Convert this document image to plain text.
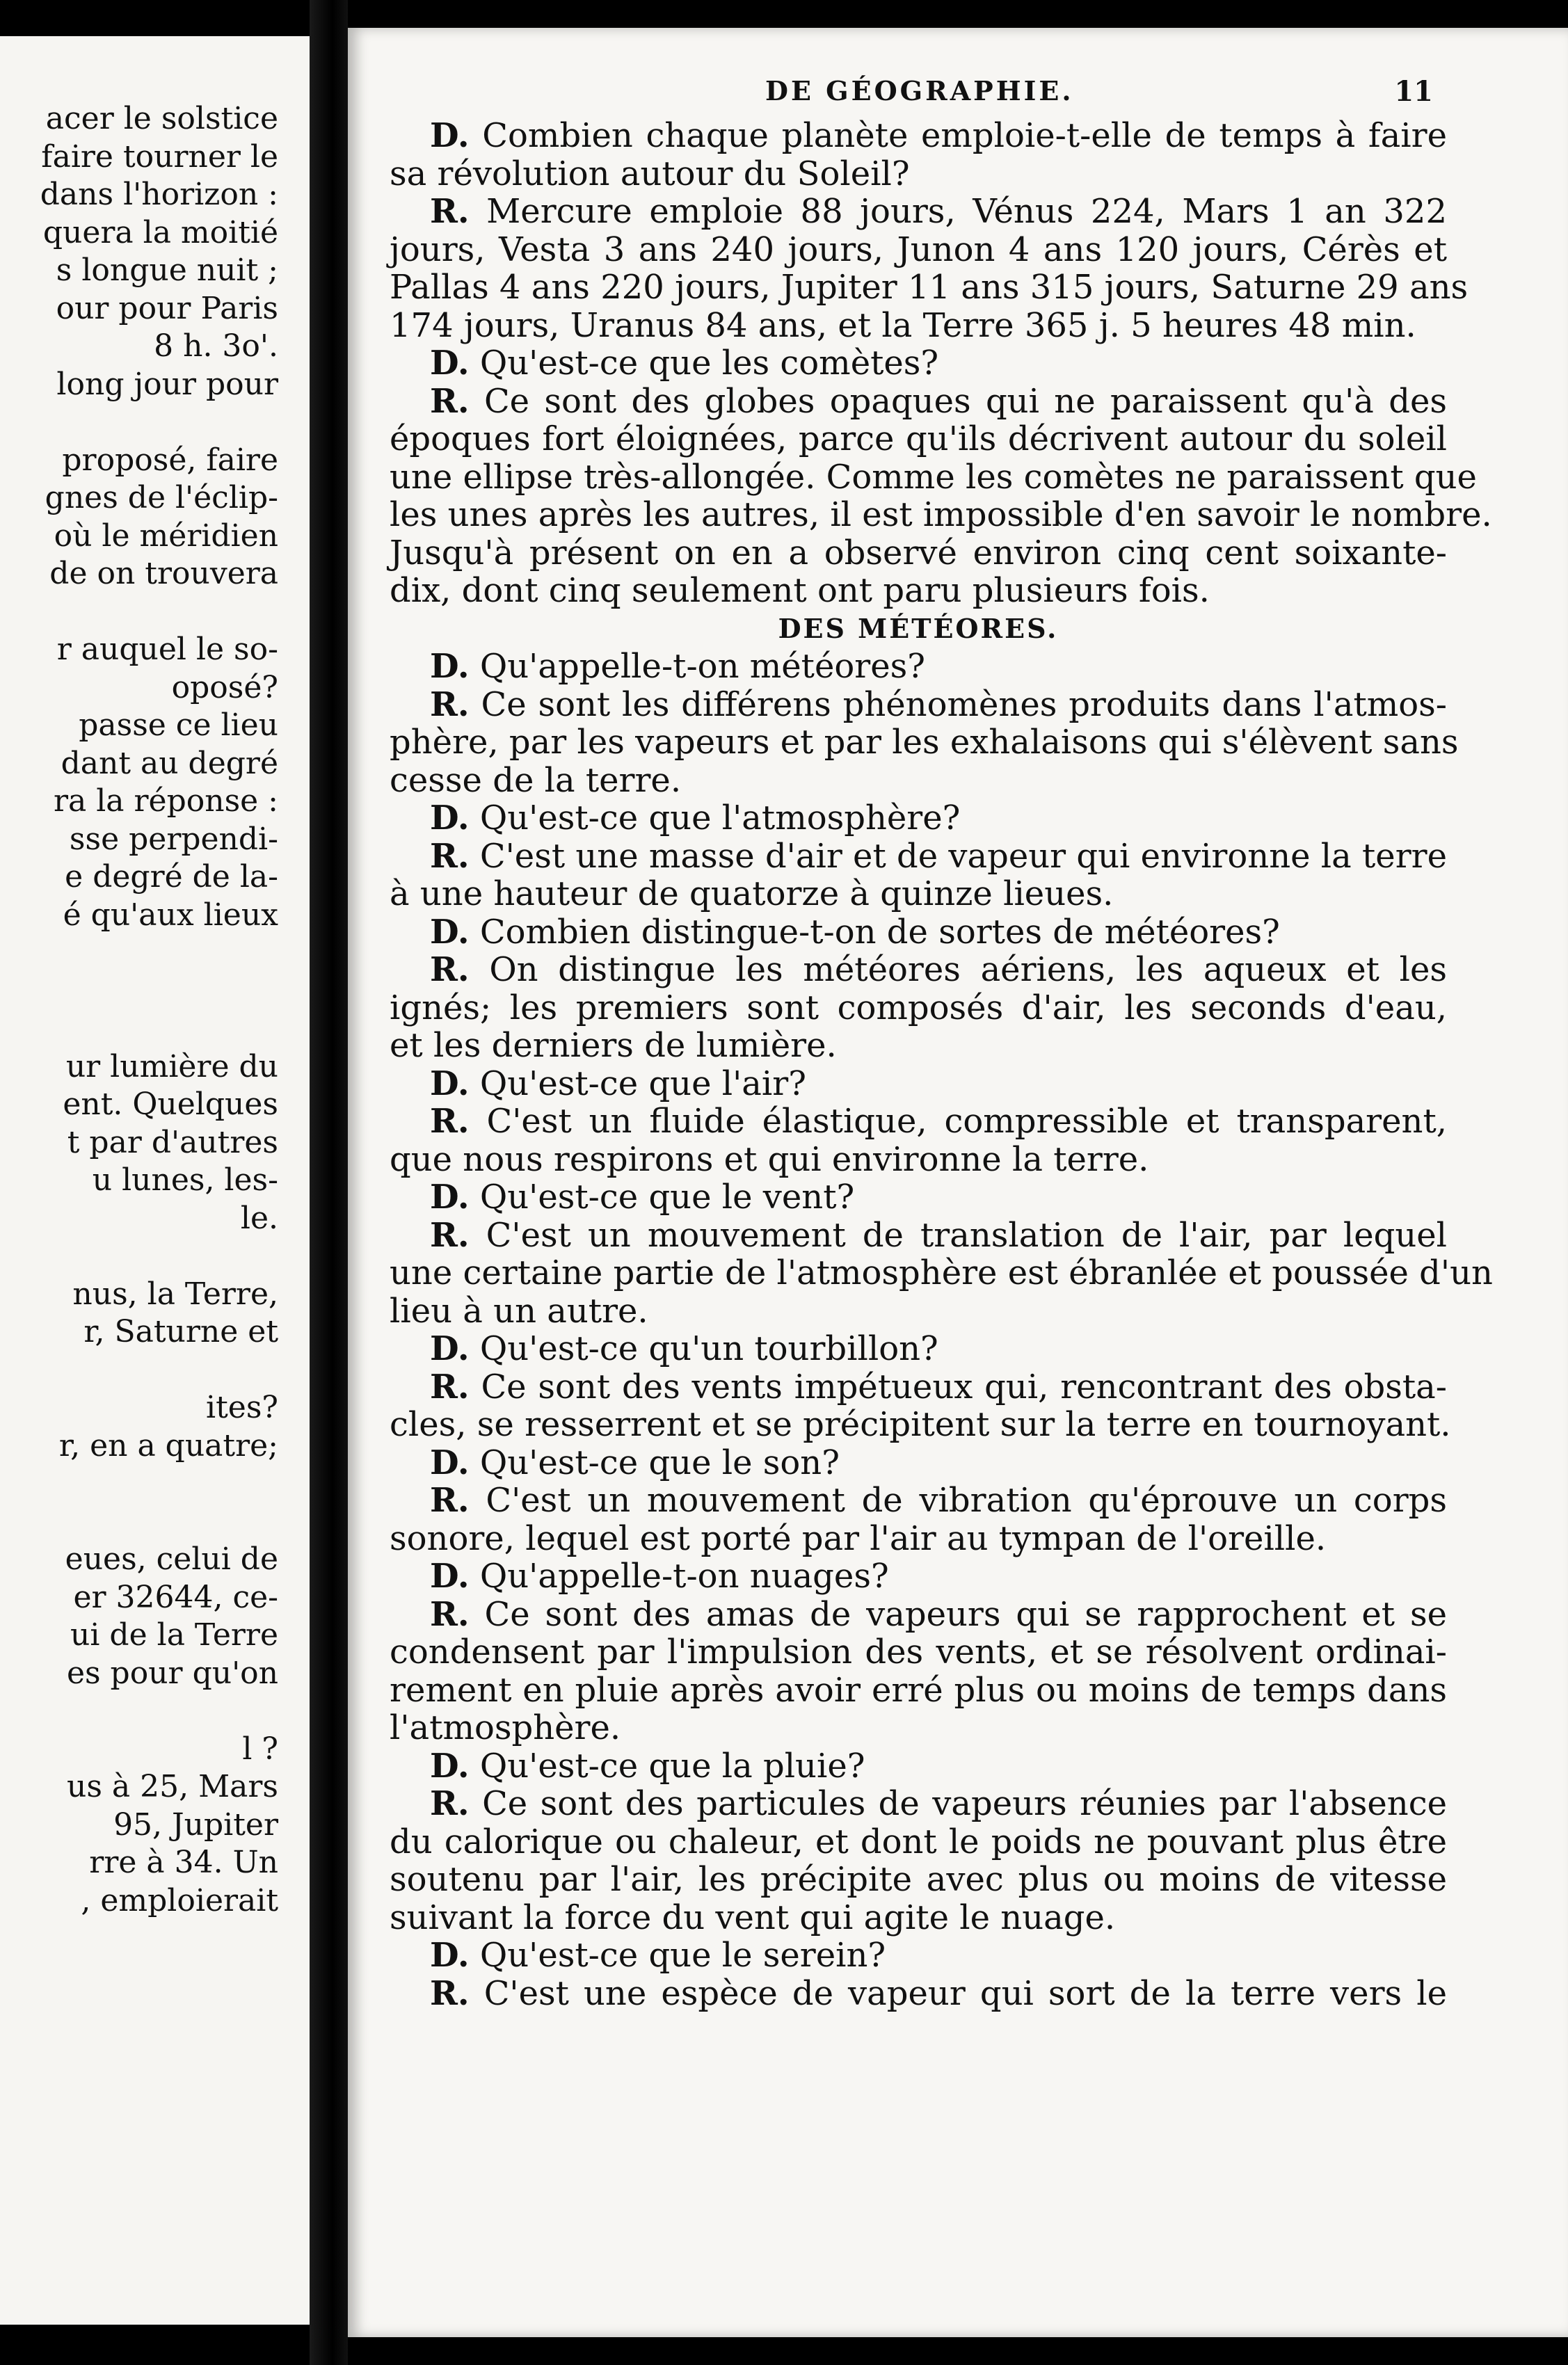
acer le solstice
faire tourner le
dans l'horizon :
quera la moitié
s longue nuit ;
our pour Paris
8 h. 3o'.
long jour pour
proposé, faire
gnes de l'éclip-
où le méridien
de on trouvera
r auquel le so-
oposé?
passe ce lieu
dant au degré
ra la réponse :
sse perpendi-
e degré de la-
é qu'aux lieux
ur lumière du
ent. Quelques
t par d'autres
u lunes, les-
le.
nus, la Terre,
r, Saturne et
ites?
r, en a quatre;
eues, celui de
er 32644, ce-
ui de la Terre
es pour qu'on
l ?
us à 25, Mars
95, Jupiter
rre à 34. Un
, emploierait
DE GÉOGRAPHIE.	11
D. Combien chaque planète emploie-t-elle de temps à faire
sa révolution autour du Soleil?
R. Mercure emploie 88 jours, Vénus 224, Mars 1 an 322
jours, Vesta 3 ans 240 jours, Junon 4 ans 120 jours, Cérès et
Pallas 4 ans 220 jours, Jupiter 11 ans 315 jours, Saturne 29 ans
174 jours, Uranus 84 ans, et la Terre 365 j. 5 heures 48 min.
D. Qu'est-ce que les comètes?
R. Ce sont des globes opaques qui ne paraissent qu'à des
époques fort éloignées, parce qu'ils décrivent autour du soleil
une ellipse très-allongée. Comme les comètes ne paraissent que
les unes après les autres, il est impossible d'en savoir le nombre.
Jusqu'à présent on en a observé environ cinq cent soixante-
dix, dont cinq seulement ont paru plusieurs fois.
DES MÉTÉORES.
D. Qu'appelle-t-on météores?
R. Ce sont les différens phénomènes produits dans l'atmos-
phère, par les vapeurs et par les exhalaisons qui s'élèvent sans
cesse de la terre.
D. Qu'est-ce que l'atmosphère?
R. C'est une masse d'air et de vapeur qui environne la terre
à une hauteur de quatorze à quinze lieues.
D. Combien distingue-t-on de sortes de météores?
R. On distingue les météores aériens, les aqueux et les
ignés; les premiers sont composés d'air, les seconds d'eau,
et les derniers de lumière.
D. Qu'est-ce que l'air?
R. C'est un fluide élastique, compressible et transparent,
que nous respirons et qui environne la terre.
D. Qu'est-ce que le vent?
R. C'est un mouvement de translation de l'air, par lequel
une certaine partie de l'atmosphère est ébranlée et poussée d'un
lieu à un autre.
D. Qu'est-ce qu'un tourbillon?
R. Ce sont des vents impétueux qui, rencontrant des obsta-
cles, se resserrent et se précipitent sur la terre en tournoyant.
D. Qu'est-ce que le son?
R. C'est un mouvement de vibration qu'éprouve un corps
sonore, lequel est porté par l'air au tympan de l'oreille.
D. Qu'appelle-t-on nuages?
R. Ce sont des amas de vapeurs qui se rapprochent et se
condensent par l'impulsion des vents, et se résolvent ordinai-
rement en pluie après avoir erré plus ou moins de temps dans
l'atmosphère.
D. Qu'est-ce que la pluie?
R. Ce sont des particules de vapeurs réunies par l'absence
du calorique ou chaleur, et dont le poids ne pouvant plus être
soutenu par l'air, les précipite avec plus ou moins de vitesse
suivant la force du vent qui agite le nuage.
D. Qu'est-ce que le serein?
R. C'est une espèce de vapeur qui sort de la terre vers le
